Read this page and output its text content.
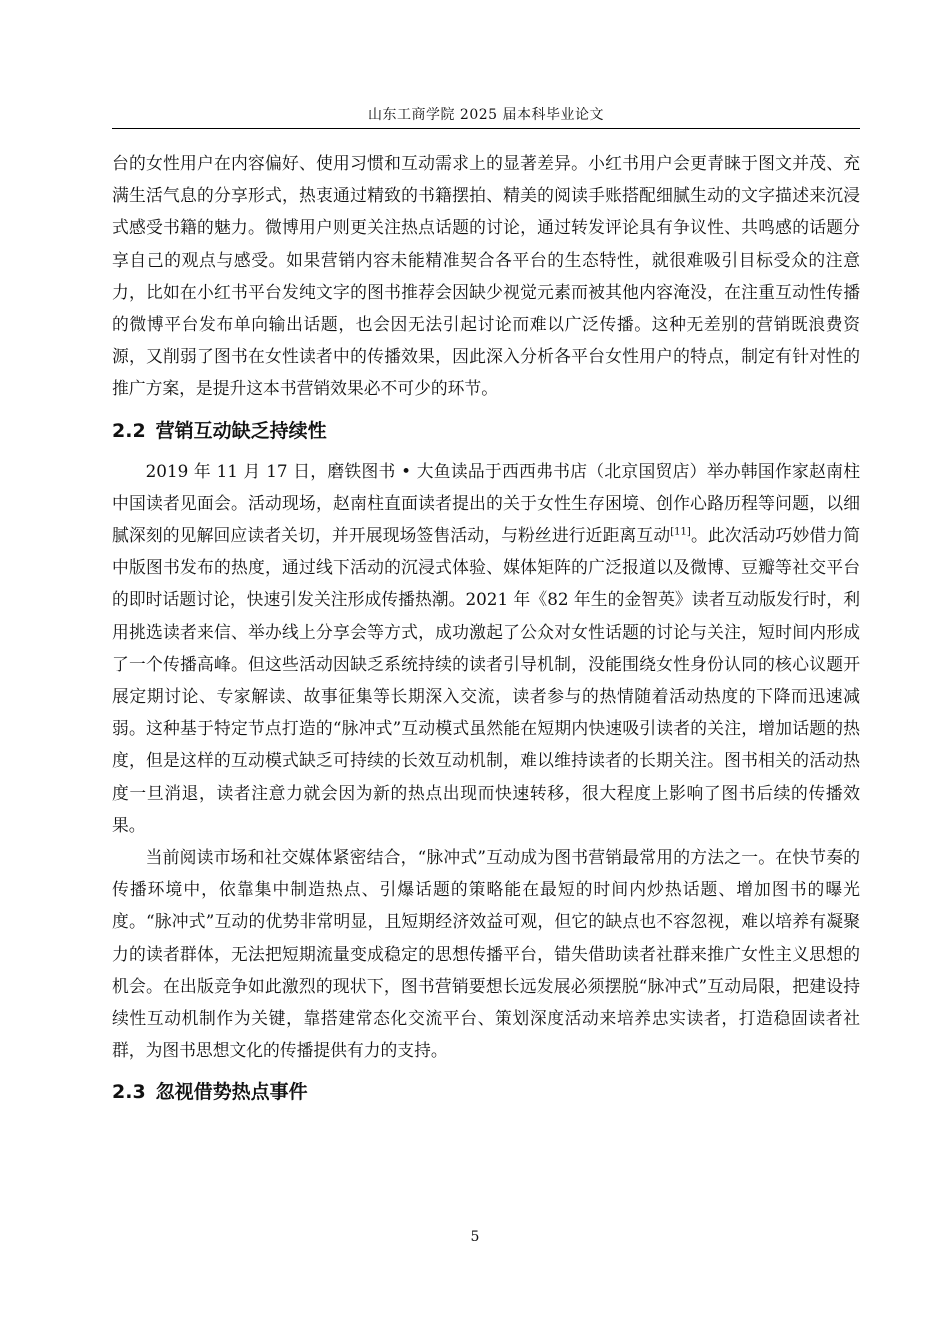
山东工商学院 2025 届本科毕业论文

台的女性用户在内容偏好、使用习惯和互动需求上的显著差异。小红书用户会更青睐于图文并茂、充满生活气息的分享形式，热衷通过精致的书籍摆拍、精美的阅读手账搭配细腻生动的文字描述来沉浸式感受书籍的魅力。微博用户则更关注热点话题的讨论，通过转发评论具有争议性、共鸣感的话题分享自己的观点与感受。如果营销内容未能精准契合各平台的生态特性，就很难吸引目标受众的注意力，比如在小红书平台发纯文字的图书推荐会因缺少视觉元素而被其他内容淹没，在注重互动性传播的微博平台发布单向输出话题，也会因无法引起讨论而难以广泛传播。这种无差别的营销既浪费资源，又削弱了图书在女性读者中的传播效果，因此深入分析各平台女性用户的特点，制定有针对性的推广方案，是提升这本书营销效果必不可少的环节。

2.2 营销互动缺乏持续性

2019 年 11 月 17 日，磨铁图书 • 大鱼读品于西西弗书店（北京国贸店）举办韩国作家赵南柱中国读者见面会。活动现场，赵南柱直面读者提出的关于女性生存困境、创作心路历程等问题，以细腻深刻的见解回应读者关切，并开展现场签售活动，与粉丝进行近距离互动[11]。此次活动巧妙借力简中版图书发布的热度，通过线下活动的沉浸式体验、媒体矩阵的广泛报道以及微博、豆瓣等社交平台的即时话题讨论，快速引发关注形成传播热潮。2021 年《82 年生的金智英》读者互动版发行时，利用挑选读者来信、举办线上分享会等方式，成功激起了公众对女性话题的讨论与关注，短时间内形成了一个传播高峰。但这些活动因缺乏系统持续的读者引导机制，没能围绕女性身份认同的核心议题开展定期讨论、专家解读、故事征集等长期深入交流，读者参与的热情随着活动热度的下降而迅速减弱。这种基于特定节点打造的“脉冲式”互动模式虽然能在短期内快速吸引读者的关注，增加话题的热度，但是这样的互动模式缺乏可持续的长效互动机制，难以维持读者的长期关注。图书相关的活动热度一旦消退，读者注意力就会因为新的热点出现而快速转移，很大程度上影响了图书后续的传播效果。

当前阅读市场和社交媒体紧密结合，“脉冲式”互动成为图书营销最常用的方法之一。在快节奏的传播环境中，依靠集中制造热点、引爆话题的策略能在最短的时间内炒热话题、增加图书的曝光度。“脉冲式”互动的优势非常明显，且短期经济效益可观，但它的缺点也不容忽视，难以培养有凝聚力的读者群体，无法把短期流量变成稳定的思想传播平台，错失借助读者社群来推广女性主义思想的机会。在出版竞争如此激烈的现状下，图书营销要想长远发展必须摆脱“脉冲式”互动局限，把建设持续性互动机制作为关键，靠搭建常态化交流平台、策划深度活动来培养忠实读者，打造稳固读者社群，为图书思想文化的传播提供有力的支持。

2.3 忽视借势热点事件
5
